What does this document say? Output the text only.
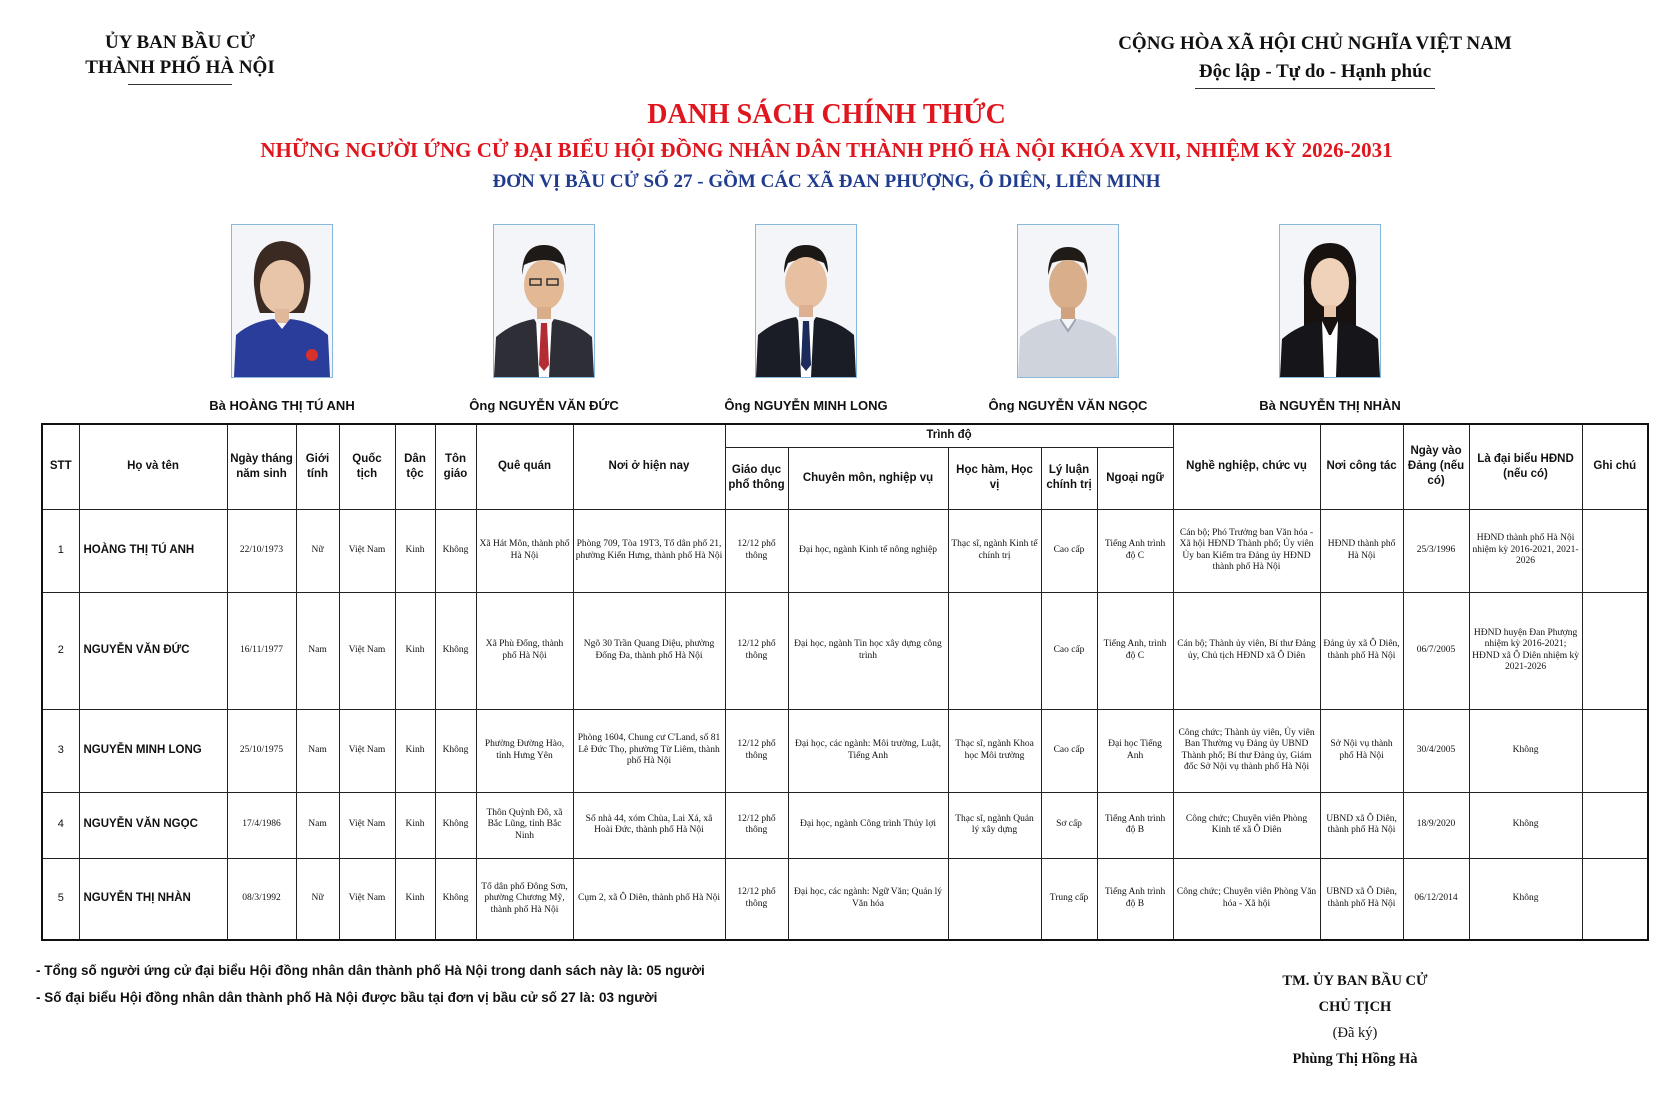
ỦY BAN BẦU CỬ
THÀNH PHỐ HÀ NỘI
CỘNG HÒA XÃ HỘI CHỦ NGHĨA VIỆT NAM
Độc lập - Tự do - Hạnh phúc
DANH SÁCH CHÍNH THỨC
NHỮNG NGƯỜI ỨNG CỬ ĐẠI BIỂU HỘI ĐỒNG NHÂN DÂN THÀNH PHỐ HÀ NỘI KHÓA XVII, NHIỆM KỲ 2026-2031
ĐƠN VỊ BẦU CỬ SỐ 27 - GỒM CÁC XÃ ĐAN PHƯỢNG, Ô DIÊN, LIÊN MINH
Bà HOÀNG THỊ TÚ ANH	Ông NGUYỄN VĂN ĐỨC	Ông NGUYỄN MINH LONG	Ông NGUYỄN VĂN NGỌC	Bà NGUYỄN THỊ NHÀN
STT	Họ và tên	Ngày tháng năm sinh	Giới tính	Quốc tịch	Dân tộc	Tôn giáo	Quê quán	Nơi ở hiện nay	Trình độ					Nghề nghiệp, chức vụ	Nơi công tác	Ngày vào Đảng (nếu có)	Là đại biểu HĐND (nếu có)	Ghi chú
									Giáo dục phổ thông	Chuyên môn, nghiệp vụ	Học hàm, Học vị	Lý luận chính trị	Ngoại ngữ					
1	HOÀNG THỊ TÚ ANH	22/10/1973	Nữ	Việt Nam	Kinh	Không	Xã Hát Môn, thành phố Hà Nội	Phòng 709, Tòa 19T3, Tổ dân phố 21, phường Kiến Hưng, thành phố Hà Nội	12/12 phổ thông	Đại học, ngành Kinh tế nông nghiệp	Thạc sĩ, ngành Kinh tế chính trị	Cao cấp	Tiếng Anh trình độ C	Cán bộ; Phó Trưởng ban Văn hóa - Xã hội HĐND Thành phố; Ủy viên Ủy ban Kiểm tra Đảng ủy HĐND thành phố Hà Nội	HĐND thành phố Hà Nội	25/3/1996	HĐND thành phố Hà Nội nhiệm kỳ 2016-2021, 2021-2026	
2	NGUYỄN VĂN ĐỨC	16/11/1977	Nam	Việt Nam	Kinh	Không	Xã Phù Đổng, thành phố Hà Nội	Ngõ 30 Trần Quang Diệu, phường Đống Đa, thành phố Hà Nội	12/12 phổ thông	Đại học, ngành Tin học xây dựng công trình		Cao cấp	Tiếng Anh, trình độ C	Cán bộ; Thành ủy viên, Bí thư Đảng ủy, Chủ tịch HĐND xã Ô Diên	Đảng ủy xã Ô Diên, thành phố Hà Nội	06/7/2005	HĐND huyện Đan Phượng nhiệm kỳ 2016-2021; HĐND xã Ô Diên nhiệm kỳ 2021-2026	
3	NGUYỄN MINH LONG	25/10/1975	Nam	Việt Nam	Kinh	Không	Phường Đường Hào, tỉnh Hưng Yên	Phòng 1604, Chung cư C'Land, số 81 Lê Đức Thọ, phường Từ Liêm, thành phố Hà Nội	12/12 phổ thông	Đại học, các ngành: Môi trường, Luật, Tiếng Anh	Thạc sĩ, ngành Khoa học Môi trường	Cao cấp	Đại học Tiếng Anh	Công chức; Thành ủy viên, Ủy viên Ban Thường vụ Đảng ủy UBND Thành phố; Bí thư Đảng ủy, Giám đốc Sở Nội vụ thành phố Hà Nội	Sở Nội vụ thành phố Hà Nội	30/4/2005	Không	
4	NGUYỄN VĂN NGỌC	17/4/1986	Nam	Việt Nam	Kinh	Không	Thôn Quỳnh Đô, xã Bắc Lũng, tỉnh Bắc Ninh	Số nhà 44, xóm Chùa, Lai Xá, xã Hoài Đức, thành phố Hà Nội	12/12 phổ thông	Đại học, ngành Công trình Thủy lợi	Thạc sĩ, ngành Quản lý xây dựng	Sơ cấp	Tiếng Anh trình độ B	Công chức; Chuyên viên Phòng Kinh tế xã Ô Diên	UBND xã Ô Diên, thành phố Hà Nội	18/9/2020	Không	
5	NGUYỄN THỊ NHÀN	08/3/1992	Nữ	Việt Nam	Kinh	Không	Tổ dân phố Đông Sơn, phường Chương Mỹ, thành phố Hà Nội	Cụm 2, xã Ô Diên, thành phố Hà Nội	12/12 phổ thông	Đại học, các ngành: Ngữ Văn; Quản lý Văn hóa		Trung cấp	Tiếng Anh trình độ B	Công chức; Chuyên viên Phòng Văn hóa - Xã hội	UBND xã Ô Diên, thành phố Hà Nội	06/12/2014	Không	
- Tổng số người ứng cử đại biểu Hội đồng nhân dân thành phố Hà Nội trong danh sách này là: 05 người
- Số đại biểu Hội đồng nhân dân thành phố Hà Nội được bầu tại đơn vị bầu cử số 27 là: 03 người
TM. ỦY BAN BẦU CỬ
CHỦ TỊCH
(Đã ký)
Phùng Thị Hồng Hà
